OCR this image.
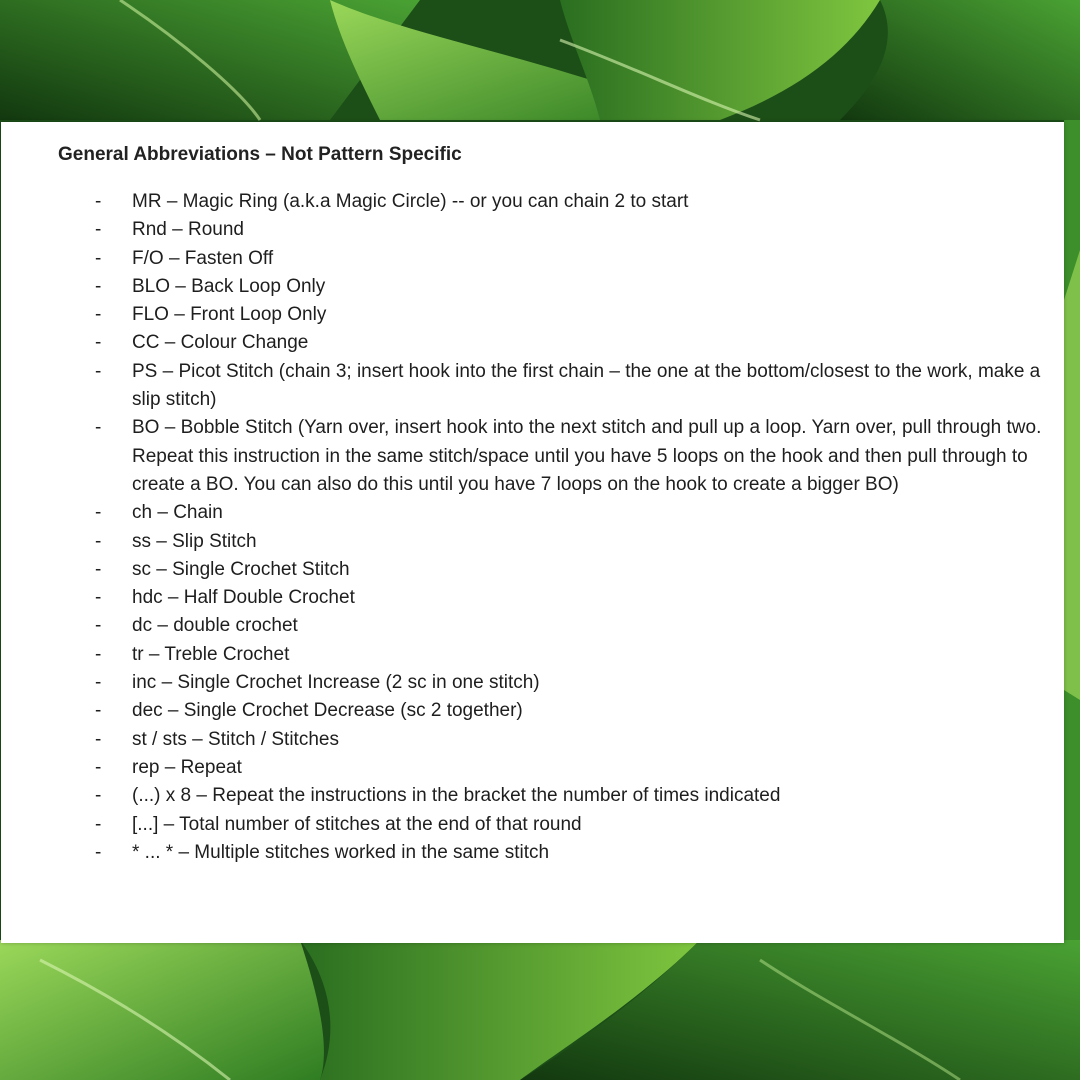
General Abbreviations – Not Pattern Specific
- MR – Magic Ring (a.k.a Magic Circle) -- or you can chain 2 to start
- Rnd – Round
- F/O – Fasten Off
- BLO – Back Loop Only
- FLO – Front Loop Only
- CC – Colour Change
- PS – Picot Stitch (chain 3; insert hook into the first chain – the one at the bottom/closest to the work, make a slip stitch)
- BO – Bobble Stitch (Yarn over, insert hook into the next stitch and pull up a loop. Yarn over, pull through two. Repeat this instruction in the same stitch/space until you have 5 loops on the hook and then pull through to create a BO. You can also do this until you have 7 loops on the hook to create a bigger BO)
- ch – Chain
- ss – Slip Stitch
- sc – Single Crochet Stitch
- hdc – Half Double Crochet
- dc – double crochet
- tr – Treble Crochet
- inc – Single Crochet Increase (2 sc in one stitch)
- dec – Single Crochet Decrease (sc 2 together)
- st / sts – Stitch / Stitches
- rep – Repeat
- (...) x 8 – Repeat the instructions in the bracket the number of times indicated
- [...] – Total number of stitches at the end of that round
- * ... * – Multiple stitches worked in the same stitch
